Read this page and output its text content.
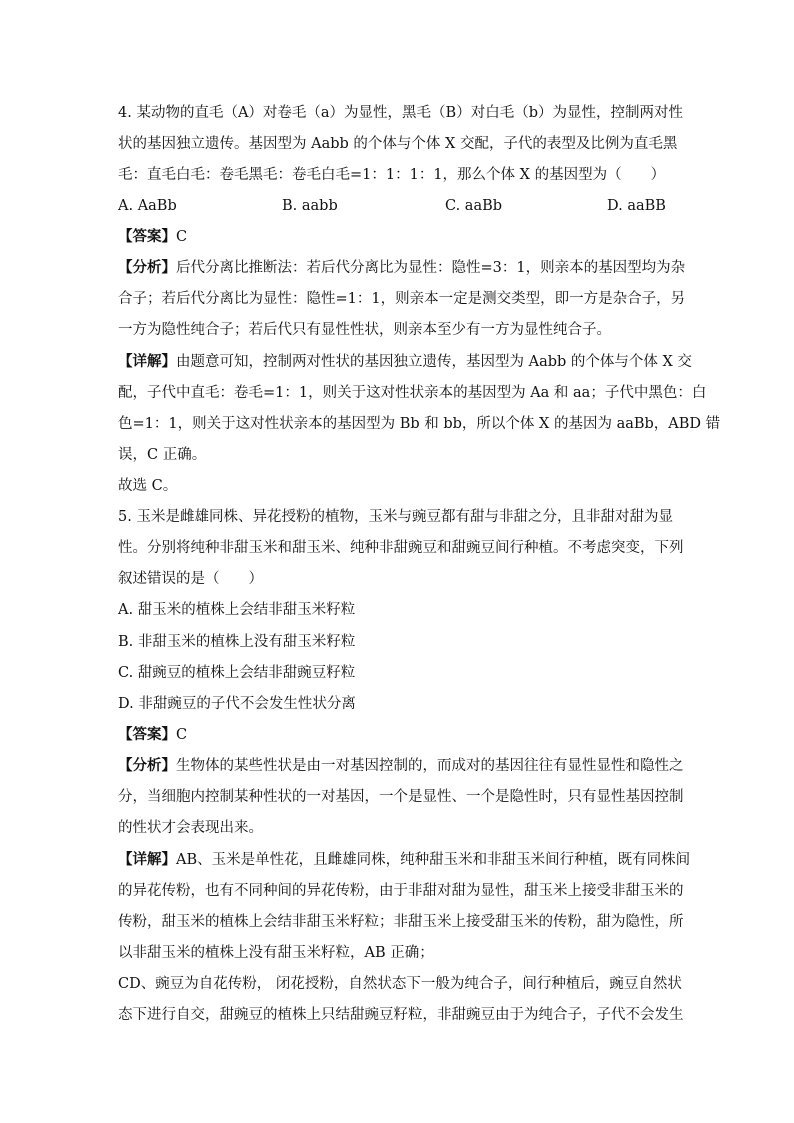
4. 某动物的直毛（A）对卷毛（a）为显性，黑毛（B）对白毛（b）为显性，控制两对性
状的基因独立遗传。基因型为 Aabb 的个体与个体 X 交配，子代的表型及比例为直毛黑
毛：直毛白毛：卷毛黑毛：卷毛白毛=1：1：1：1，那么个体 X 的基因型为（　　）
A. AaBb	B. aabb	C. aaBb	D. aaBB
【答案】C
【分析】后代分离比推断法：若后代分离比为显性：隐性=3：1，则亲本的基因型均为杂
合子；若后代分离比为显性：隐性=1：1，则亲本一定是测交类型，即一方是杂合子，另
一方为隐性纯合子；若后代只有显性性状，则亲本至少有一方为显性纯合子。
【详解】由题意可知，控制两对性状的基因独立遗传，基因型为 Aabb 的个体与个体 X 交
配，子代中直毛：卷毛=1：1，则关于这对性状亲本的基因型为 Aa 和 aa；子代中黑色：白
色=1：1，则关于这对性状亲本的基因型为 Bb 和 bb，所以个体 X 的基因为 aaBb，ABD 错
误，C 正确。
故选 C。
5. 玉米是雌雄同株、异花授粉的植物，玉米与豌豆都有甜与非甜之分，且非甜对甜为显
性。分别将纯种非甜玉米和甜玉米、纯种非甜豌豆和甜豌豆间行种植。不考虑突变，下列
叙述错误的是（　　）
A. 甜玉米的植株上会结非甜玉米籽粒
B. 非甜玉米的植株上没有甜玉米籽粒
C. 甜豌豆的植株上会结非甜豌豆籽粒
D. 非甜豌豆的子代不会发生性状分离
【答案】C
【分析】生物体的某些性状是由一对基因控制的，而成对的基因往往有显性显性和隐性之
分，当细胞内控制某种性状的一对基因，一个是显性、一个是隐性时，只有显性基因控制
的性状才会表现出来。
【详解】AB、玉米是单性花，且雌雄同株，纯种甜玉米和非甜玉米间行种植，既有同株间
的异花传粉，也有不同种间的异花传粉，由于非甜对甜为显性，甜玉米上接受非甜玉米的
传粉，甜玉米的植株上会结非甜玉米籽粒；非甜玉米上接受甜玉米的传粉，甜为隐性，所
以非甜玉米的植株上没有甜玉米籽粒，AB 正确；
CD、豌豆为自花传粉， 闭花授粉，自然状态下一般为纯合子，间行种植后，豌豆自然状
态下进行自交，甜豌豆的植株上只结甜豌豆籽粒，非甜豌豆由于为纯合子，子代不会发生
